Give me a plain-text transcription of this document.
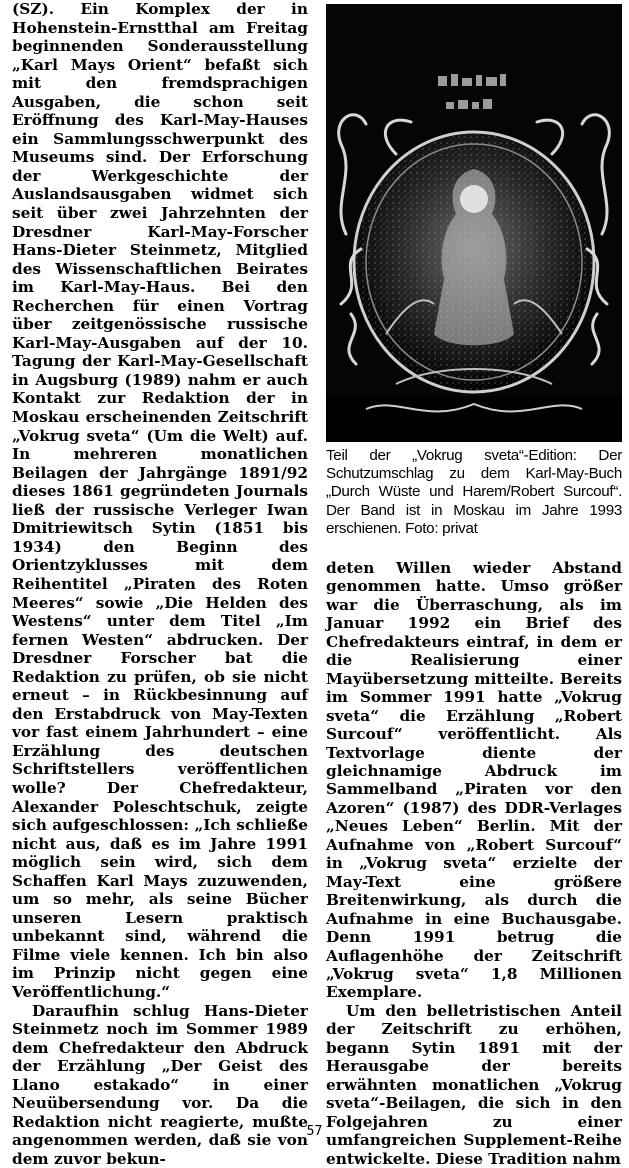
(SZ). Ein Komplex der in Hohenstein-Ernstthal am Freitag beginnenden Sonderausstellung „Karl Mays Orient“ befaßt sich mit den fremdsprachigen Ausgaben, die schon seit Eröffnung des Karl-May-Hauses ein Sammlungsschwerpunkt des Museums sind. Der Erforschung der Werkgeschichte der Auslandsausgaben widmet sich seit über zwei Jahrzehnten der Dresdner Karl-May-Forscher Hans-Dieter Steinmetz, Mitglied des Wissenschaftlichen Beirates im Karl-May-Haus. Bei den Recherchen für einen Vortrag über zeitgenössische russische Karl-May-Ausgaben auf der 10. Tagung der Karl-May-Gesellschaft in Augsburg (1989) nahm er auch Kontakt zur Redaktion der in Moskau erscheinenden Zeitschrift „Vokrug sveta“ (Um die Welt) auf. In mehreren monatlichen Beilagen der Jahrgänge 1891/92 dieses 1861 gegründeten Journals ließ der russische Verleger Iwan Dmitriewitsch Sytin (1851 bis 1934) den Beginn des Orientzyklusses mit dem Reihentitel „Piraten des Roten Meeres“ sowie „Die Helden des Westens“ unter dem Titel „Im fernen Westen“ abdrucken. Der Dresdner Forscher bat die Redaktion zu prüfen, ob sie nicht erneut – in Rückbesinnung auf den Erstabdruck von May-Texten vor fast einem Jahrhundert – eine Erzählung des deutschen Schriftstellers veröffentlichen wolle? Der Chefredakteur, Alexander Poleschtschuk, zeigte sich aufgeschlossen: „Ich schließe nicht aus, daß es im Jahre 1991 möglich sein wird, sich dem Schaffen Karl Mays zuzuwenden, um so mehr, als seine Bücher unseren Lesern praktisch unbekannt sind, während die Filme viele kennen. Ich bin also im Prinzip nicht gegen eine Veröffentlichung.“

Daraufhin schlug Hans-Dieter Steinmetz noch im Sommer 1989 dem Chefredakteur den Abdruck der Erzählung „Der Geist des Llano estakado“ in einer Neuübersendung vor. Da die Redaktion nicht reagierte, mußte angenommen werden, daß sie von dem zuvor bekun-

Teil der „Vokrug sveta“-Edition: Der Schutzumschlag zu dem Karl-May-Buch „Durch Wüste und Harem/Robert Surcouf“. Der Band ist in Moskau im Jahre 1993 erschienen. Foto: privat

deten Willen wieder Abstand genommen hatte. Umso größer war die Überraschung, als im Januar 1992 ein Brief des Chefredakteurs eintraf, in dem er die Realisierung einer Mayübersetzung mitteilte. Bereits im Sommer 1991 hatte „Vokrug sveta“ die Erzählung „Robert Surcouf“ veröffentlicht. Als Textvorlage diente der gleichnamige Abdruck im Sammelband „Piraten vor den Azoren“ (1987) des DDR-Verlages „Neues Leben“ Berlin. Mit der Aufnahme von „Robert Surcouf“ in „Vokrug sveta“ erzielte der May-Text eine größere Breitenwirkung, als durch die Aufnahme in eine Buchausgabe. Denn 1991 betrug die Auflagenhöhe der Zeitschrift „Vokrug sveta“ 1,8 Millionen Exemplare.

Um den belletristischen Anteil der Zeitschrift zu erhöhen, begann Sytin 1891 mit der Herausgabe der bereits erwähnten monatlichen „Vokrug sveta“-Beilagen, die sich in den Folgejahren zu einer umfangreichen Supplement-Reihe entwickelte. Diese Tradition nahm

57
